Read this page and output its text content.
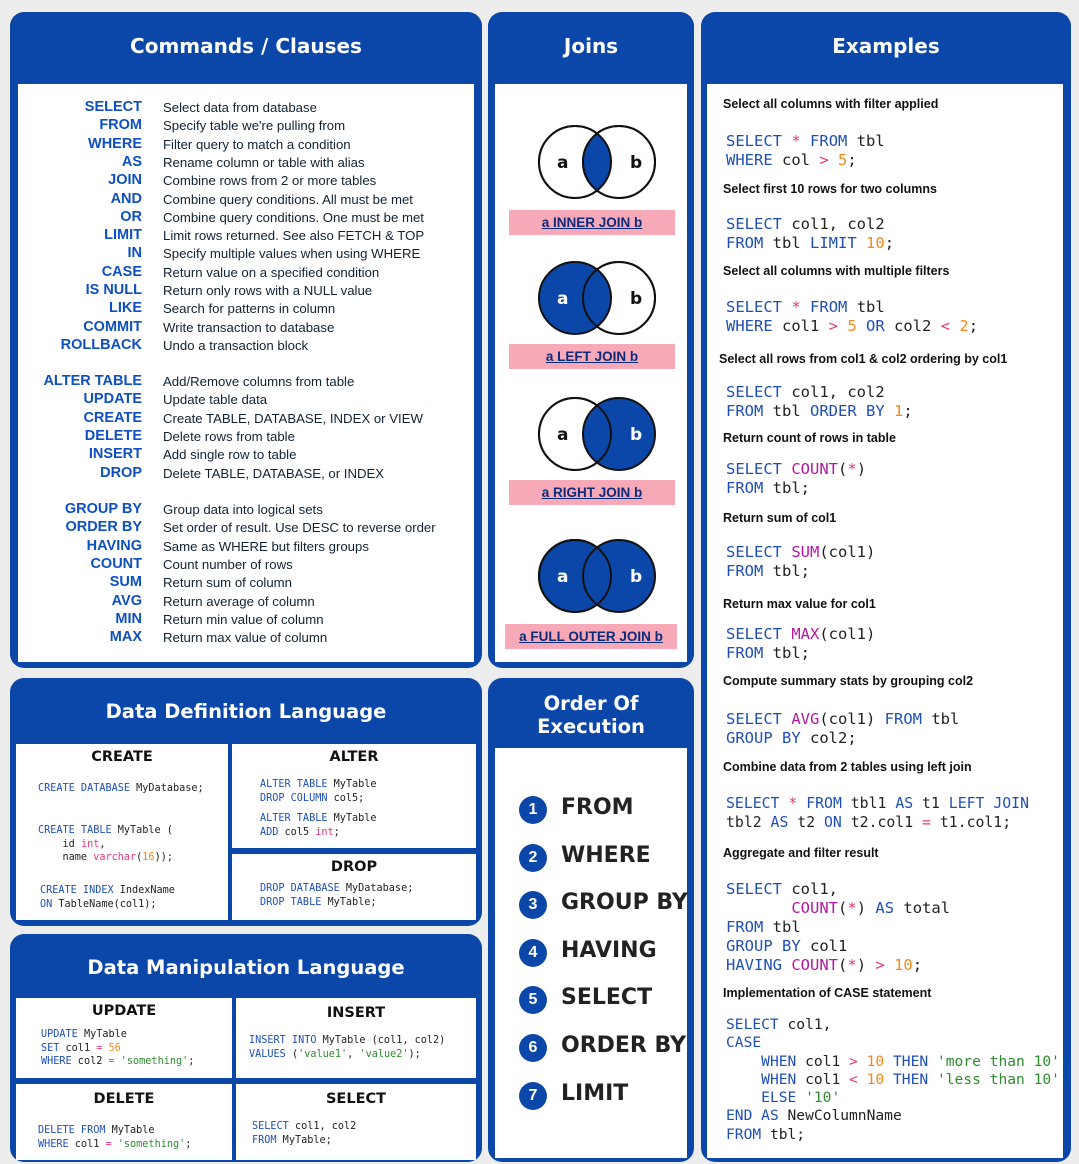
Commands / Clauses
SELECT Select data from database
FROM Specify table we're pulling from
WHERE Filter query to match a condition
AS Rename column or table with alias
JOIN Combine rows from 2 or more tables
AND Combine query conditions. All must be met
OR Combine query conditions. One must be met
LIMIT Limit rows returned. See also FETCH & TOP
IN Specify multiple values when using WHERE
CASE Return value on a specified condition
IS NULL Return only rows with a NULL value
LIKE Search for patterns in column
COMMIT Write transaction to database
ROLLBACK Undo a transaction block
ALTER TABLE Add/Remove columns from table
UPDATE Update table data
CREATE Create TABLE, DATABASE, INDEX or VIEW
DELETE Delete rows from table
INSERT Add single row to table
DROP Delete TABLE, DATABASE, or INDEX
GROUP BY Group data into logical sets
ORDER BY Set order of result. Use DESC to reverse order
HAVING Same as WHERE but filters groups
COUNT Count number of rows
SUM Return sum of column
AVG Return average of column
MIN Return min value of column
MAX Return max value of column
Joins
a	b
a INNER JOIN b
a	b
a LEFT JOIN b
a	b
a RIGHT JOIN b
a	b
a FULL OUTER JOIN b
Examples
Select all columns with filter applied
SELECT * FROM tbl
WHERE col > 5;
Select first 10 rows for two columns
SELECT col1, col2
FROM tbl LIMIT 10;
Select all columns with multiple filters
SELECT * FROM tbl
WHERE col1 > 5 OR col2 < 2;
Select all rows from col1 & col2 ordering by col1
SELECT col1, col2
FROM tbl ORDER BY 1;
Return count of rows in table
SELECT COUNT(*)
FROM tbl;
Return sum of col1
SELECT SUM(col1)
FROM tbl;
Return max value for col1
SELECT MAX(col1)
FROM tbl;
Compute summary stats by grouping col2
SELECT AVG(col1) FROM tbl
GROUP BY col2;
Combine data from 2 tables using left join
SELECT * FROM tbl1 AS t1 LEFT JOIN
tbl2 AS t2 ON t2.col1 = t1.col1;
Aggregate and filter result
SELECT col1,
COUNT(*) AS total
FROM tbl
GROUP BY col1
HAVING COUNT(*) > 10;
Implementation of CASE statement
SELECT col1,
CASE
WHEN col1 > 10 THEN 'more than 10'
WHEN col1 < 10 THEN 'less than 10'
ELSE '10'
END AS NewColumnName
FROM tbl;
Data Definition Language
CREATE
CREATE DATABASE MyDatabase;
CREATE TABLE MyTable (
id int,
name varchar(16));
CREATE INDEX IndexName
ON TableName(col1);
ALTER
ALTER TABLE MyTable
DROP COLUMN col5;
ALTER TABLE MyTable
ADD col5 int;
DROP
DROP DATABASE MyDatabase;
DROP TABLE MyTable;
Data Manipulation Language
UPDATE
UPDATE MyTable
SET col1 = 56
WHERE col2 = 'something';
INSERT
INSERT INTO MyTable (col1, col2)
VALUES ('value1', 'value2');
DELETE
DELETE FROM MyTable
WHERE col1 = 'something';
SELECT
SELECT col1, col2
FROM MyTable;
Order Of
Execution
1	FROM
2	WHERE
3	GROUP BY
4	HAVING
5	SELECT
6	ORDER BY
7	LIMIT
